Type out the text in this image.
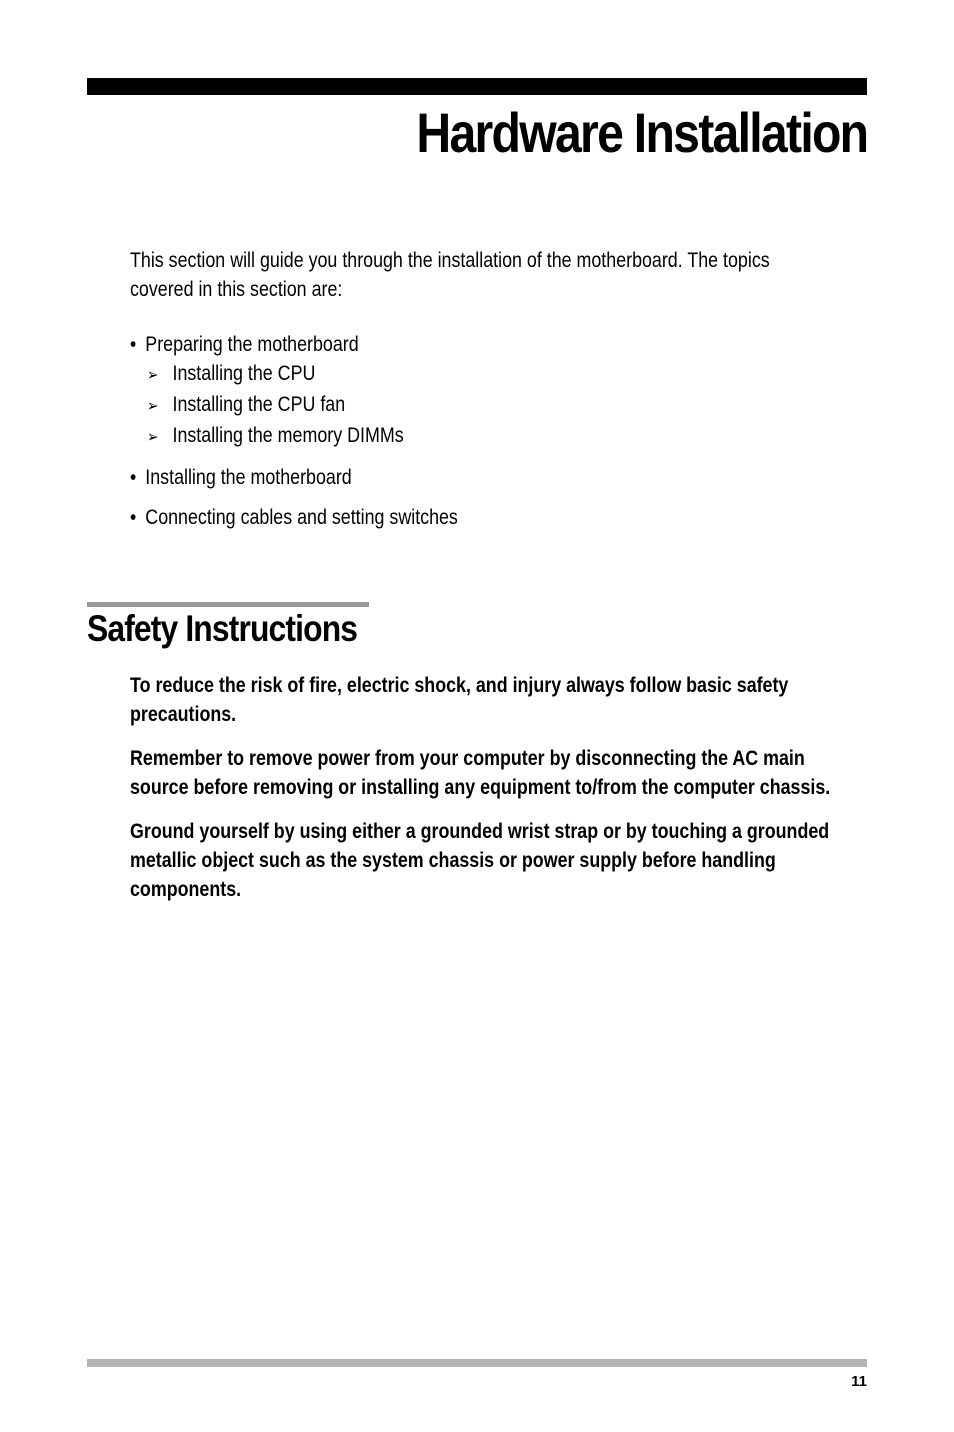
Hardware Installation

This section will guide you through the installation of the motherboard. The topics covered in this section are:

• Preparing the motherboard
➢ Installing the CPU
➢ Installing the CPU fan
➢ Installing the memory DIMMs
• Installing the motherboard
• Connecting cables and setting switches
Safety Instructions

To reduce the risk of fire, electric shock, and injury always follow basic safety precautions.

Remember to remove power from your computer by disconnecting the AC main source before removing or installing any equipment to/from the computer chassis.

Ground yourself by using either a grounded wrist strap or by touching a grounded metallic object such as the system chassis or power supply before handling components.

11
